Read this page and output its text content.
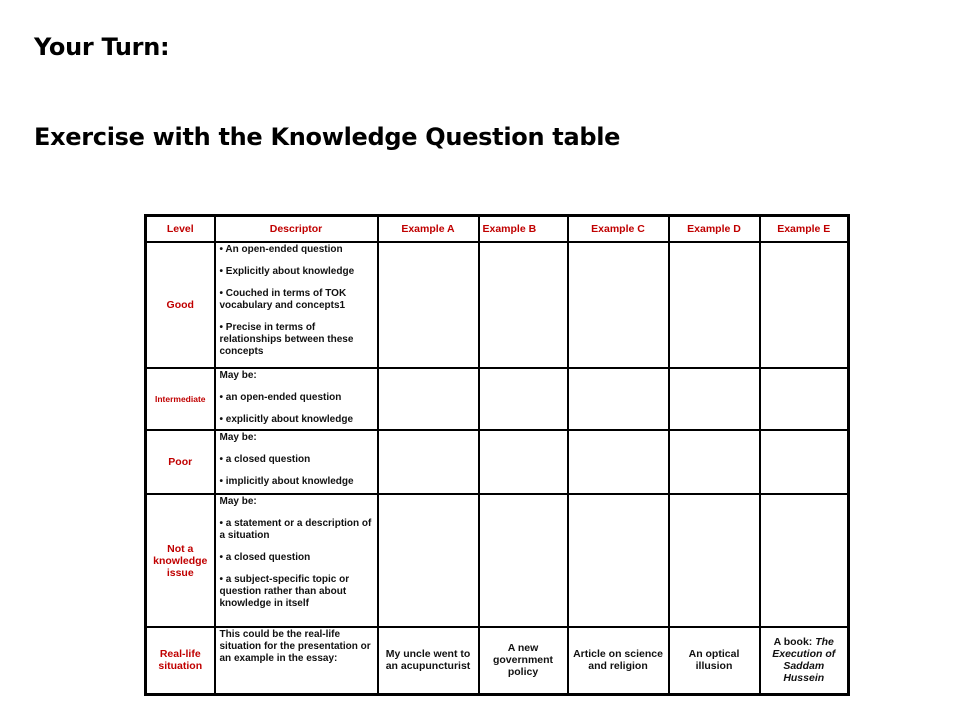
Your Turn:
Exercise with the Knowledge Question table
Level	Descriptor	Example A	Example B	Example C	Example D	Example E
Good	• An open-ended question

• Explicitly about knowledge

• Couched in terms of TOK vocabulary and concepts1

• Precise in terms of relationships between these concepts					

Intermediate	May be:

• an open-ended question

• explicitly about knowledge					

Poor	May be:

• a closed question

• implicitly about knowledge					

Not a knowledge issue	May be:

• a statement or a description of a situation

• a closed question

• a subject-specific topic or question rather than about knowledge in itself					

Real-life situation	This could be the real-life situation for the presentation or an example in the essay:	My uncle went to an acupuncturist	A new government policy	Article on science and religion	An optical illusion	A book: The Execution of Saddam Hussein
